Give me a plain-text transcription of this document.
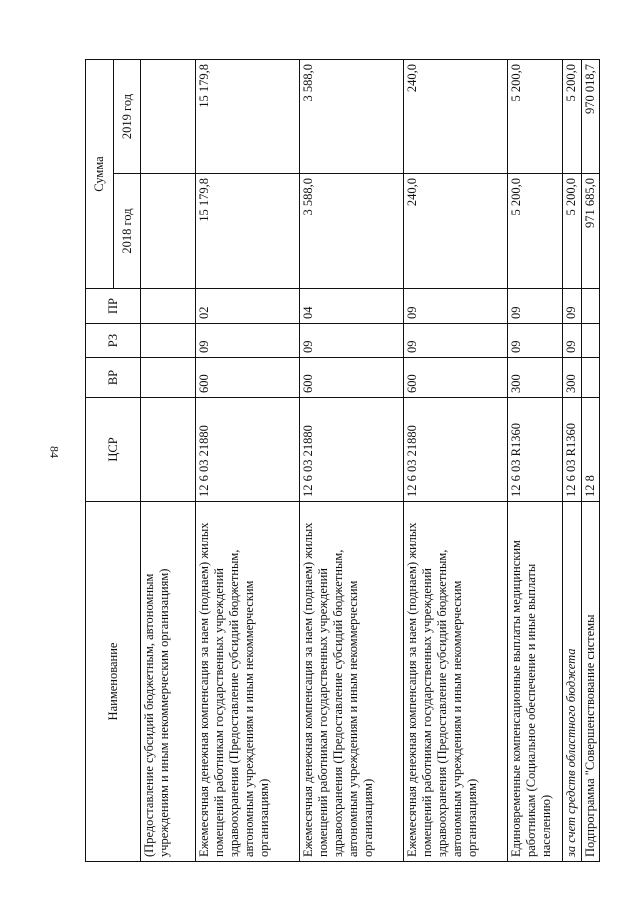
84
Наименование	ЦСР	ВР	РЗ	ПР	Сумма	
					2018 год	2019 год
(Предоставление субсидий бюджетным, автономным учреждениям и иным некоммерческим организациям)						
Ежемесячная денежная компенсация за наем (поднаем) жилых помещений работникам государственных учреждений здравоохранения (Предоставление субсидий бюджетным, автономным учреждениям и иным некоммерческим организациям)	12 6 03 21880	600	09	02	15 179,8	15 179,8
Ежемесячная денежная компенсация за наем (поднаем) жилых помещений работникам государственных учреждений здравоохранения (Предоставление субсидий бюджетным, автономным учреждениям и иным некоммерческим организациям)	12 6 03 21880	600	09	04	3 588,0	3 588,0
Ежемесячная денежная компенсация за наем (поднаем) жилых помещений работникам государственных учреждений здравоохранения (Предоставление субсидий бюджетным, автономным учреждениям и иным некоммерческим организациям)	12 6 03 21880	600	09	09	240,0	240,0
Единовременные компенсационные выплаты медицинским работникам (Социальное обеспечение и иные выплаты населению)	12 6 03 R1360	300	09	09	5 200,0	5 200,0
за счет средств областного бюджета	12 6 03 R1360	300	09	09	5 200,0	5 200,0
Подпрограмма "Совершенствование системы	12 8				971 685,0	970 018,7
